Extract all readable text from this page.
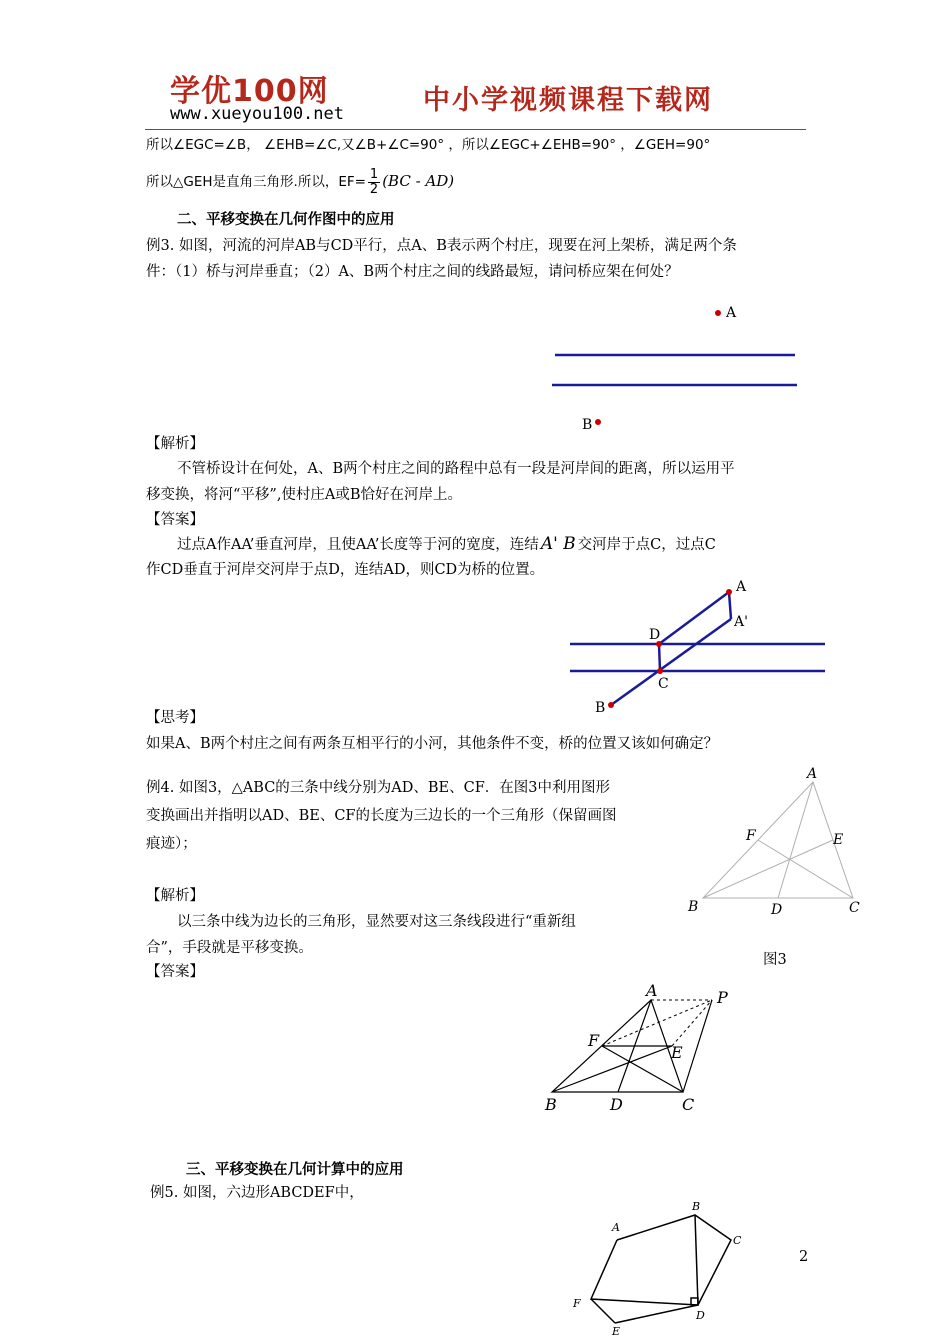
学优100网
www.xueyou100.net	中小学视频课程下载网
所以∠EGC=∠B， ∠EHB=∠C,又∠B+∠C=90° ，所以∠EGC+∠EHB=90° ，∠GEH=90°
所以△GEH是直角三角形.所以，$EF= \frac{1}{2} (BC - AD)$
二、平移变换在几何作图中的应用
例3. 如图，河流的河岸AB与CD平行，点A、B表示两个村庄，现要在河上架桥，满足两个条
件：（1）桥与河岸垂直；（2）A、B两个村庄之间的线路最短，请问桥应架在何处？
A
B
【解析】
不管桥设计在何处，A、B两个村庄之间的路程中总有一段是河岸间的距离，所以运用平
移变换，将河“平移”,使村庄A或B恰好在河岸上。
【答案】
过点A作AA’垂直河岸，且使AA’长度等于河的宽度，连结 A' B 交河岸于点C，过点C
作CD垂直于河岸交河岸于点D，连结AD，则CD为桥的位置。
A
A'
D
C
B
【思考】
如果A、B两个村庄之间有两条互相平行的小河，其他条件不变，桥的位置又该如何确定？
例4. 如图3，△ABC的三条中线分别为AD、BE、CF．在图3中利用图形
变换画出并指明以AD、BE、CF的长度为三边长的一个三角形（保留画图
痕迹）；
A
F	E
B	D	C
图3
【解析】
以三条中线为边长的三角形，显然要对这三条线段进行“重新组
合”，手段就是平移变换。
【答案】
A	P
F
E
B	D	C
三、平移变换在几何计算中的应用
例5. 如图，六边形ABCDEF中，
A
B
C
D
F
E
2
